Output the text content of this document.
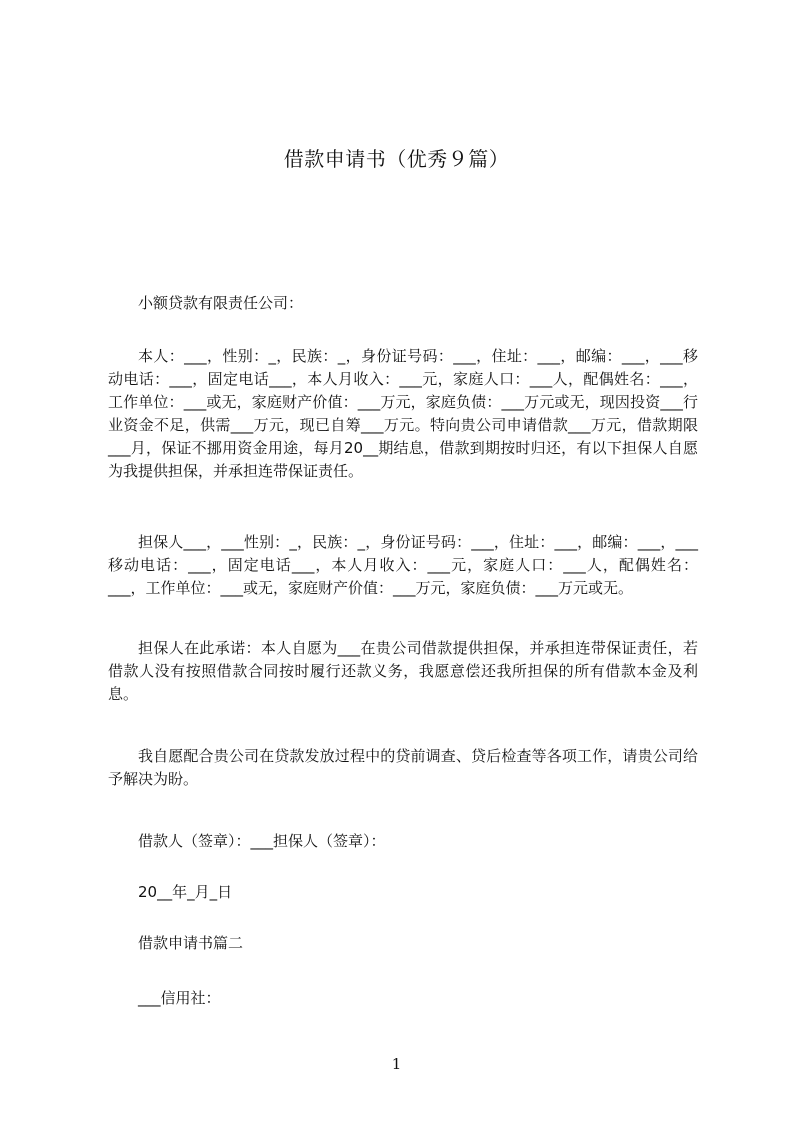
借款申请书（优秀９篇）

小额贷款有限责任公司：

本人：___，性别：_，民族：_，身份证号码：___，住址：___，邮编：___，___移动电话：___，固定电话___，本人月收入：___元，家庭人口：___人，配偶姓名：___，工作单位：___或无，家庭财产价值：___万元，家庭负债：___万元或无，现因投资___行业资金不足，供需___万元，现已自筹___万元。特向贵公司申请借款___万元，借款期限___月，保证不挪用资金用途，每月20__期结息，借款到期按时归还，有以下担保人自愿为我提供担保，并承担连带保证责任。

担保人___，___性别：_，民族：_，身份证号码：___，住址：___，邮编：___，___移动电话：___，固定电话___，本人月收入：___元，家庭人口：___人，配偶姓名：___，工作单位：___或无，家庭财产价值：___万元，家庭负债：___万元或无。

担保人在此承诺：本人自愿为___在贵公司借款提供担保，并承担连带保证责任，若借款人没有按照借款合同按时履行还款义务，我愿意偿还我所担保的所有借款本金及利息。

我自愿配合贵公司在贷款发放过程中的贷前调查、贷后检查等各项工作，请贵公司给予解决为盼。

借款人（签章）：___担保人（签章）：

20__年_月_日

借款申请书篇二

___信用社：

1
